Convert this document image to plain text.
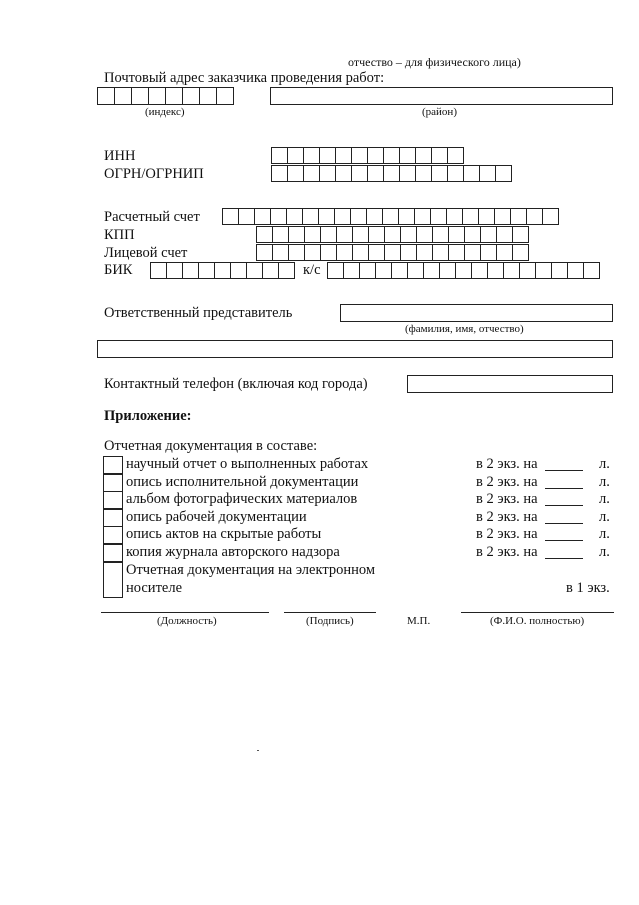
отчество – для физического лица)
Почтовый адрес заказчика проведения работ:
(индекс)	(район)
ИНН
ОГРН/ОГРНИП
Расчетный счет
КПП
Лицевой счет
БИК	к/с
Ответственный представитель
(фамилия, имя, отчество)
Контактный телефон (включая код города)
Приложение:
Отчетная документация в составе:
научный отчет о выполненных работах	в 2 экз. на	л.
опись исполнительной документации	в 2 экз. на	л.
альбом фотографических материалов	в 2 экз. на	л.
опись рабочей документации	в 2 экз. на	л.
опись актов на скрытые работы	в 2 экз. на	л.
копия журнала авторского надзора	в 2 экз. на	л.
Отчетная документация на электронном
носителе	в 1 экз.
(Должность)	(Подпись)	М.П.	(Ф.И.О. полностью)
